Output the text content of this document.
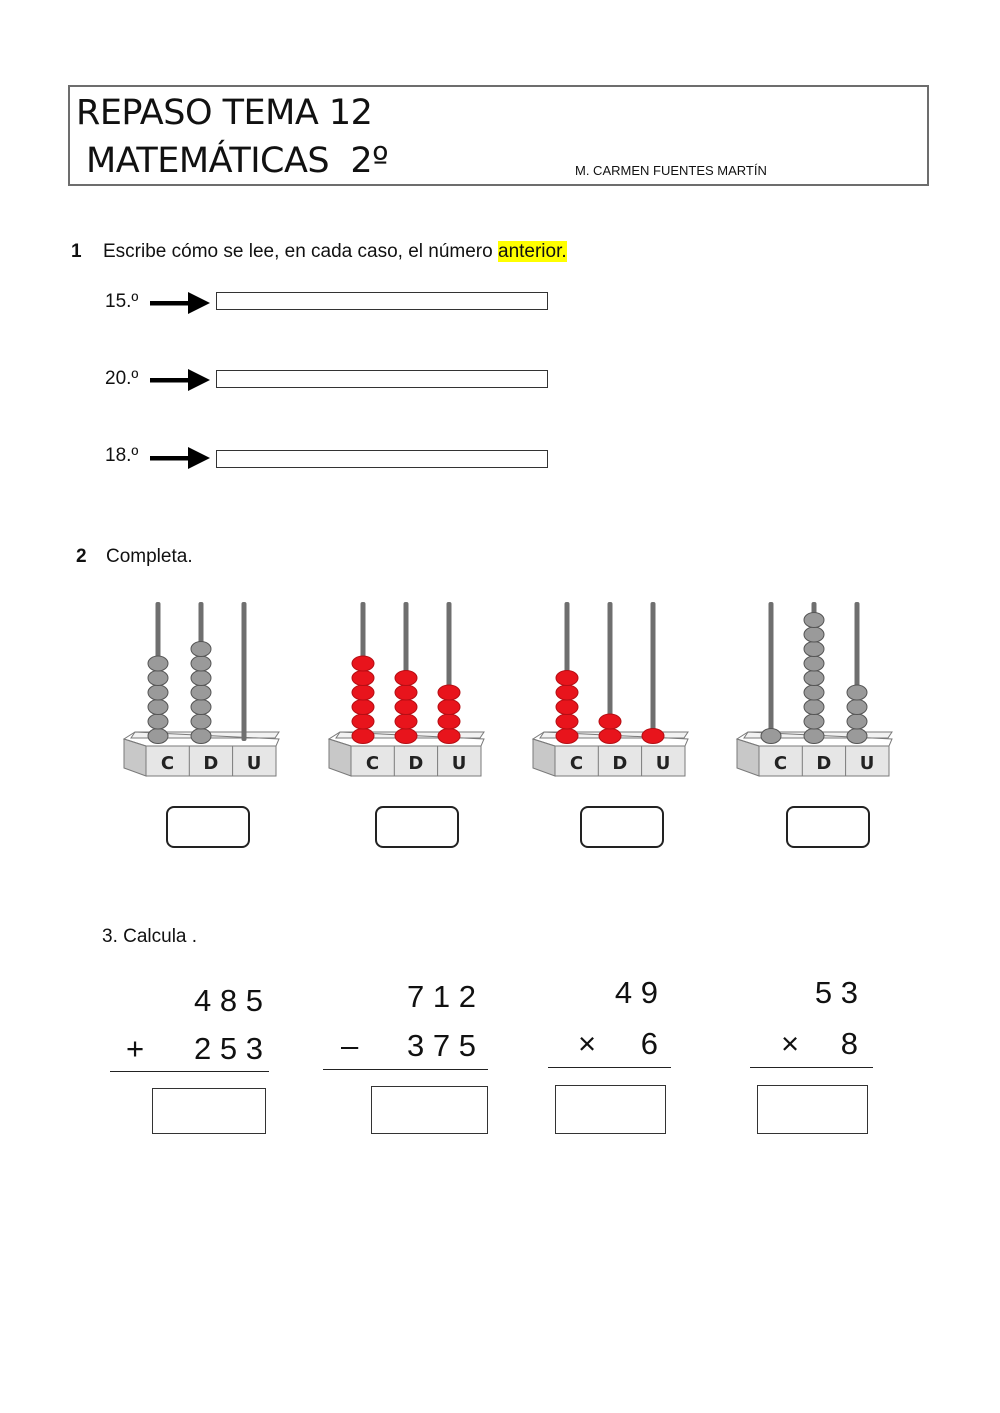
REPASO TEMA 12
MATEMÁTICAS  2º	M. CARMEN FUENTES MARTÍN
1 Escribe cómo se lee, en cada caso, el número anterior.
15.º
20.º
18.º
2 Completa.
C D U	C D U	C D U	C D U
3. Calcula .
4 8 5
+	2 5 3
7 1 2
–	3 7 5
4 9
×	6
5 3
×	8
